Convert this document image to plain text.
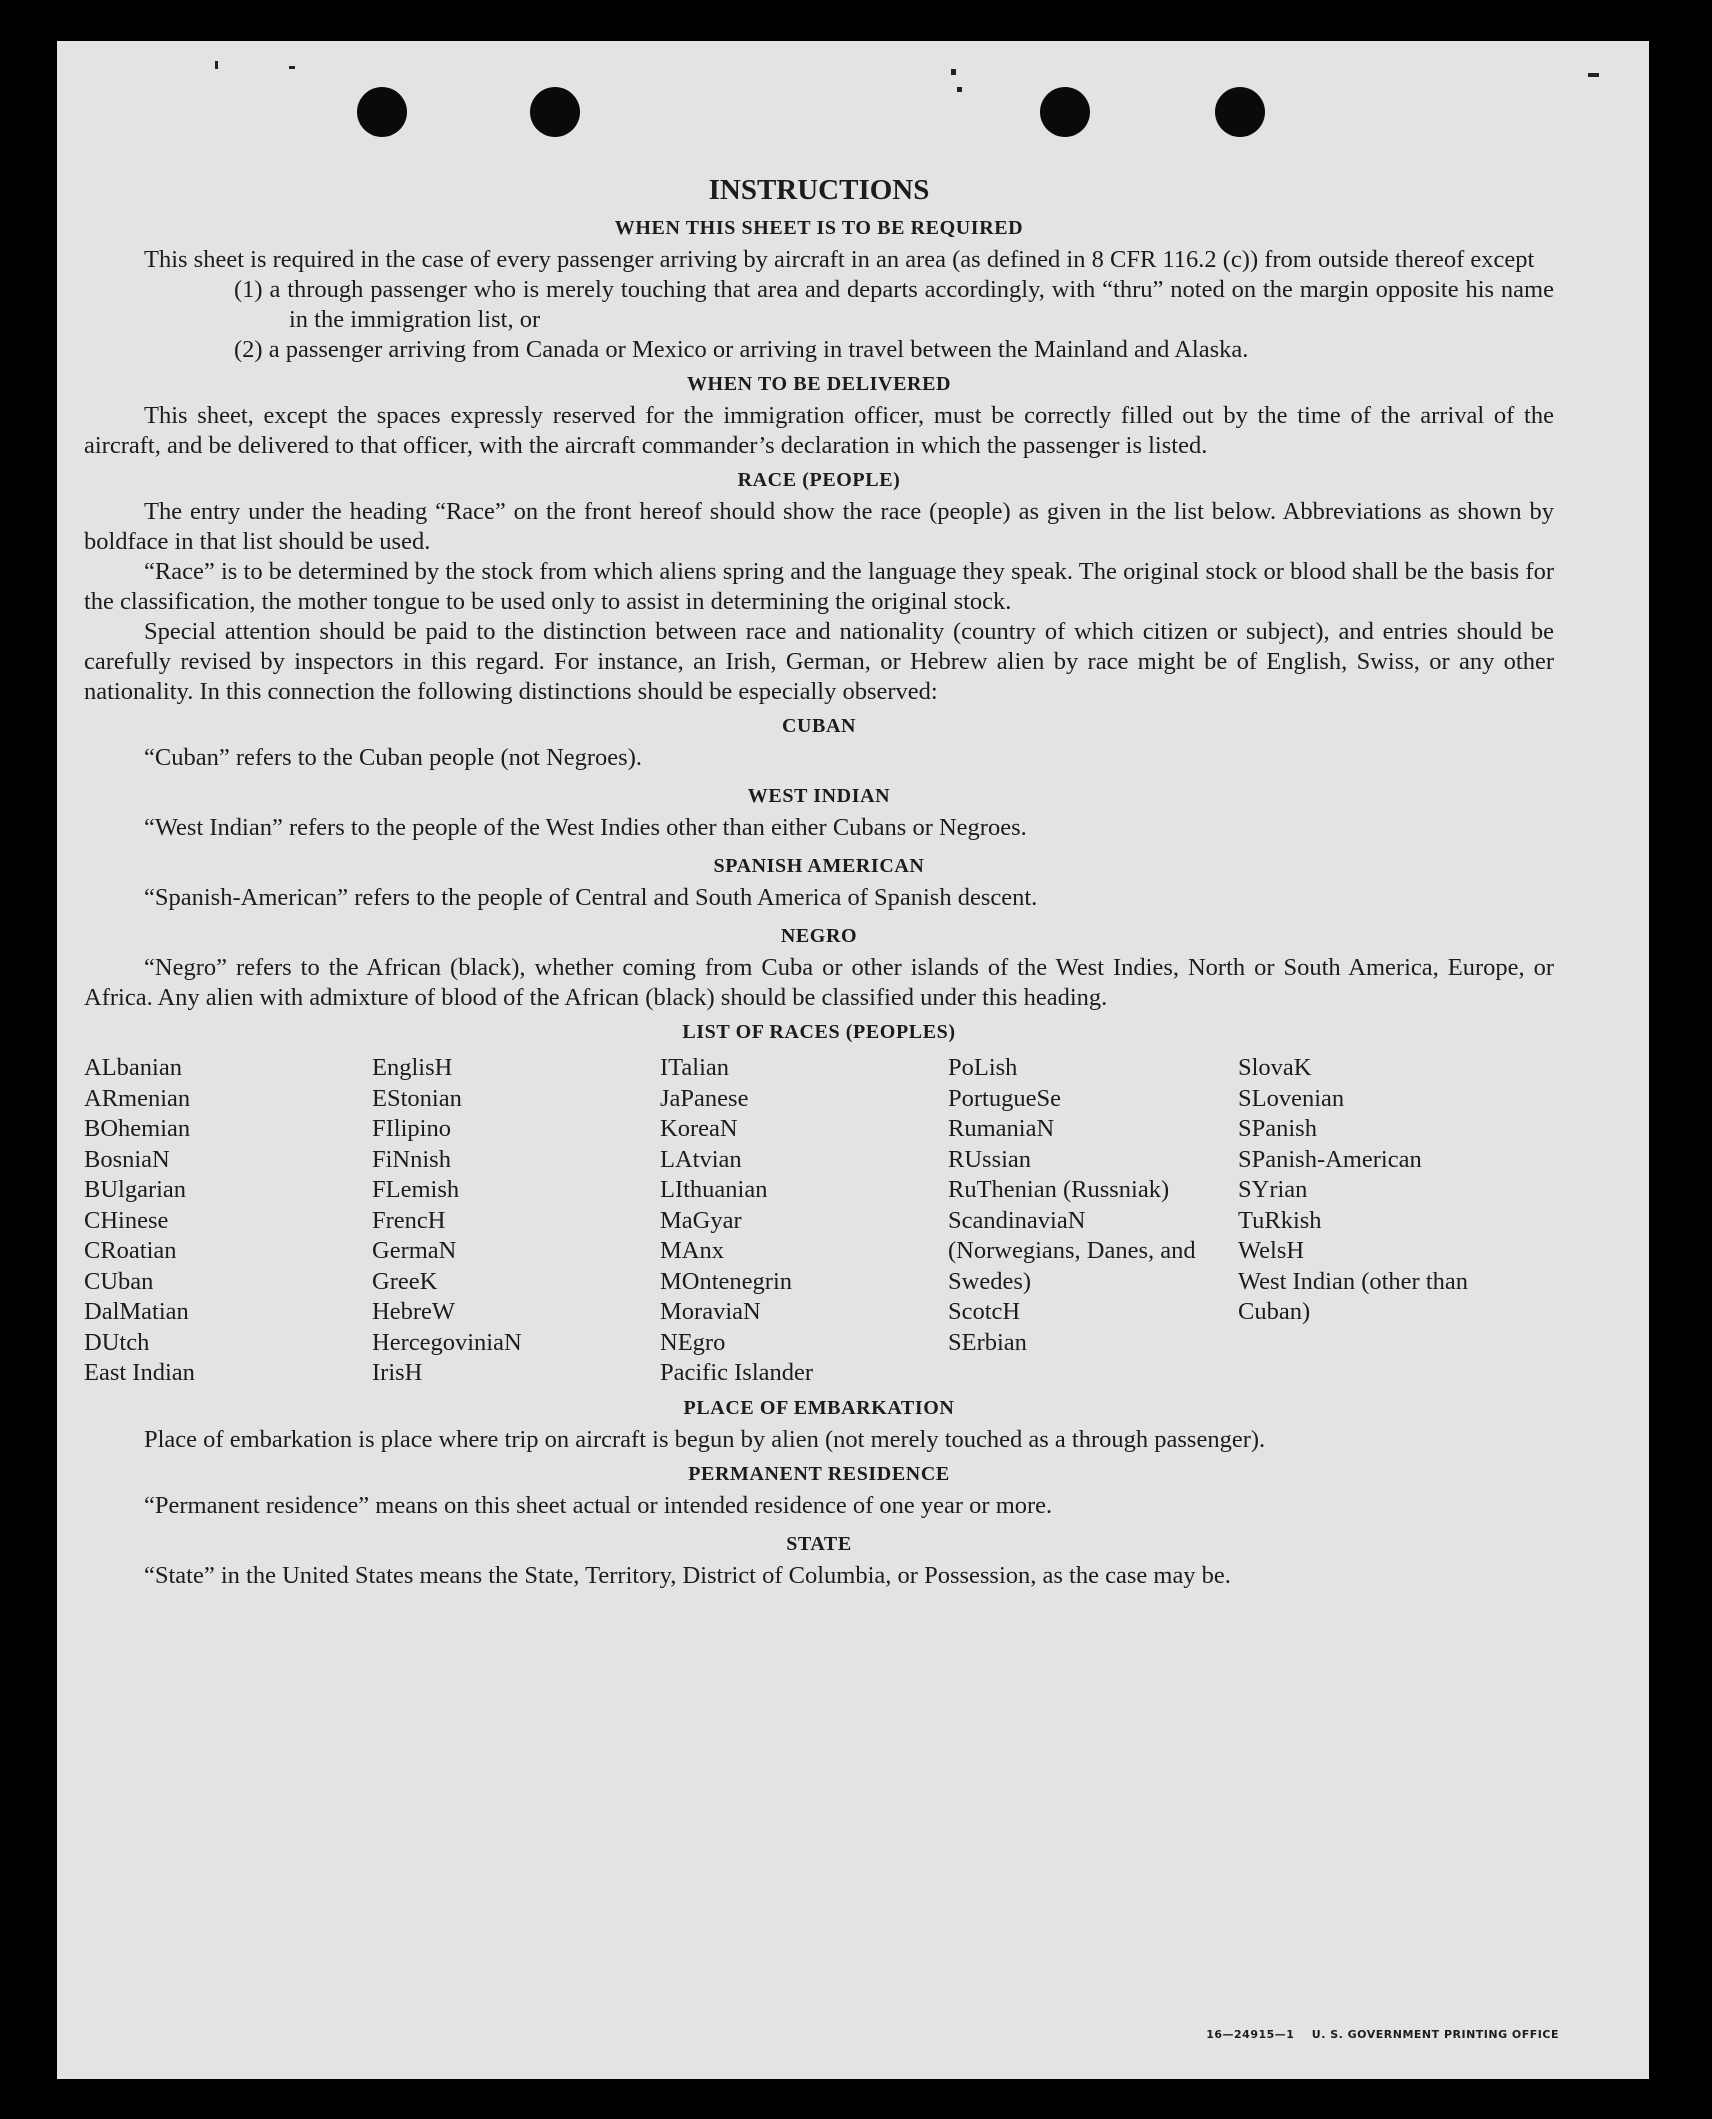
INSTRUCTIONS
WHEN THIS SHEET IS TO BE REQUIRED

This sheet is required in the case of every passenger arriving by aircraft in an area (as defined in 8 CFR 116.2 (c)) from outside thereof except

(1) a through passenger who is merely touching that area and departs accordingly, with “thru” noted on the margin opposite his name in the immigration list, or

(2) a passenger arriving from Canada or Mexico or arriving in travel between the Mainland and Alaska.

WHEN TO BE DELIVERED

This sheet, except the spaces expressly reserved for the immigration officer, must be correctly filled out by the time of the arrival of the aircraft, and be delivered to that officer, with the aircraft commander’s declaration in which the passenger is listed.

RACE (PEOPLE)

The entry under the heading “Race” on the front hereof should show the race (people) as given in the list below. Abbreviations as shown by boldface in that list should be used.

“Race” is to be determined by the stock from which aliens spring and the language they speak. The original stock or blood shall be the basis for the classification, the mother tongue to be used only to assist in determining the original stock.

Special attention should be paid to the distinction between race and nationality (country of which citizen or subject), and entries should be carefully revised by inspectors in this regard. For instance, an Irish, German, or Hebrew alien by race might be of English, Swiss, or any other nationality. In this connection the following distinctions should be especially observed:

CUBAN

“Cuban” refers to the Cuban people (not Negroes).

WEST INDIAN

“West Indian” refers to the people of the West Indies other than either Cubans or Negroes.

SPANISH AMERICAN

“Spanish-American” refers to the people of Central and South America of Spanish descent.

NEGRO

“Negro” refers to the African (black), whether coming from Cuba or other islands of the West Indies, North or South America, Europe, or Africa. Any alien with admixture of blood of the African (black) should be classified under this heading.

LIST OF RACES (PEOPLES)
ALbanian
ARmenian
BOhemian
BosniaN
BUlgarian
CHinese
CRoatian
CUban
DalMatian
DUtch
East Indian
EnglisH
EStonian
FIlipino
FiNnish
FLemish
FrencH
GermaN
GreeK
HebreW
HercegoviniaN
IrisH
ITalian
JaPanese
KoreaN
LAtvian
LIthuanian
MaGyar
MAnx
MOntenegrin
MoraviaN
NEgro
Pacific Islander
PoLish
PortugueSe
RumaniaN
RUssian
RuThenian (Russniak)
ScandinaviaN (Norwegians, Danes, and Swedes)
ScotcH
SErbian
SlovaK
SLovenian
SPanish
SPanish-American
SYrian
TuRkish
WelsH
West Indian (other than Cuban)
PLACE OF EMBARKATION

Place of embarkation is place where trip on aircraft is begun by alien (not merely touched as a through passenger).

PERMANENT RESIDENCE

“Permanent residence” means on this sheet actual or intended residence of one year or more.

STATE

“State” in the United States means the State, Territory, District of Columbia, or Possession, as the case may be.

16—24915—1 U. S. GOVERNMENT PRINTING OFFICE
